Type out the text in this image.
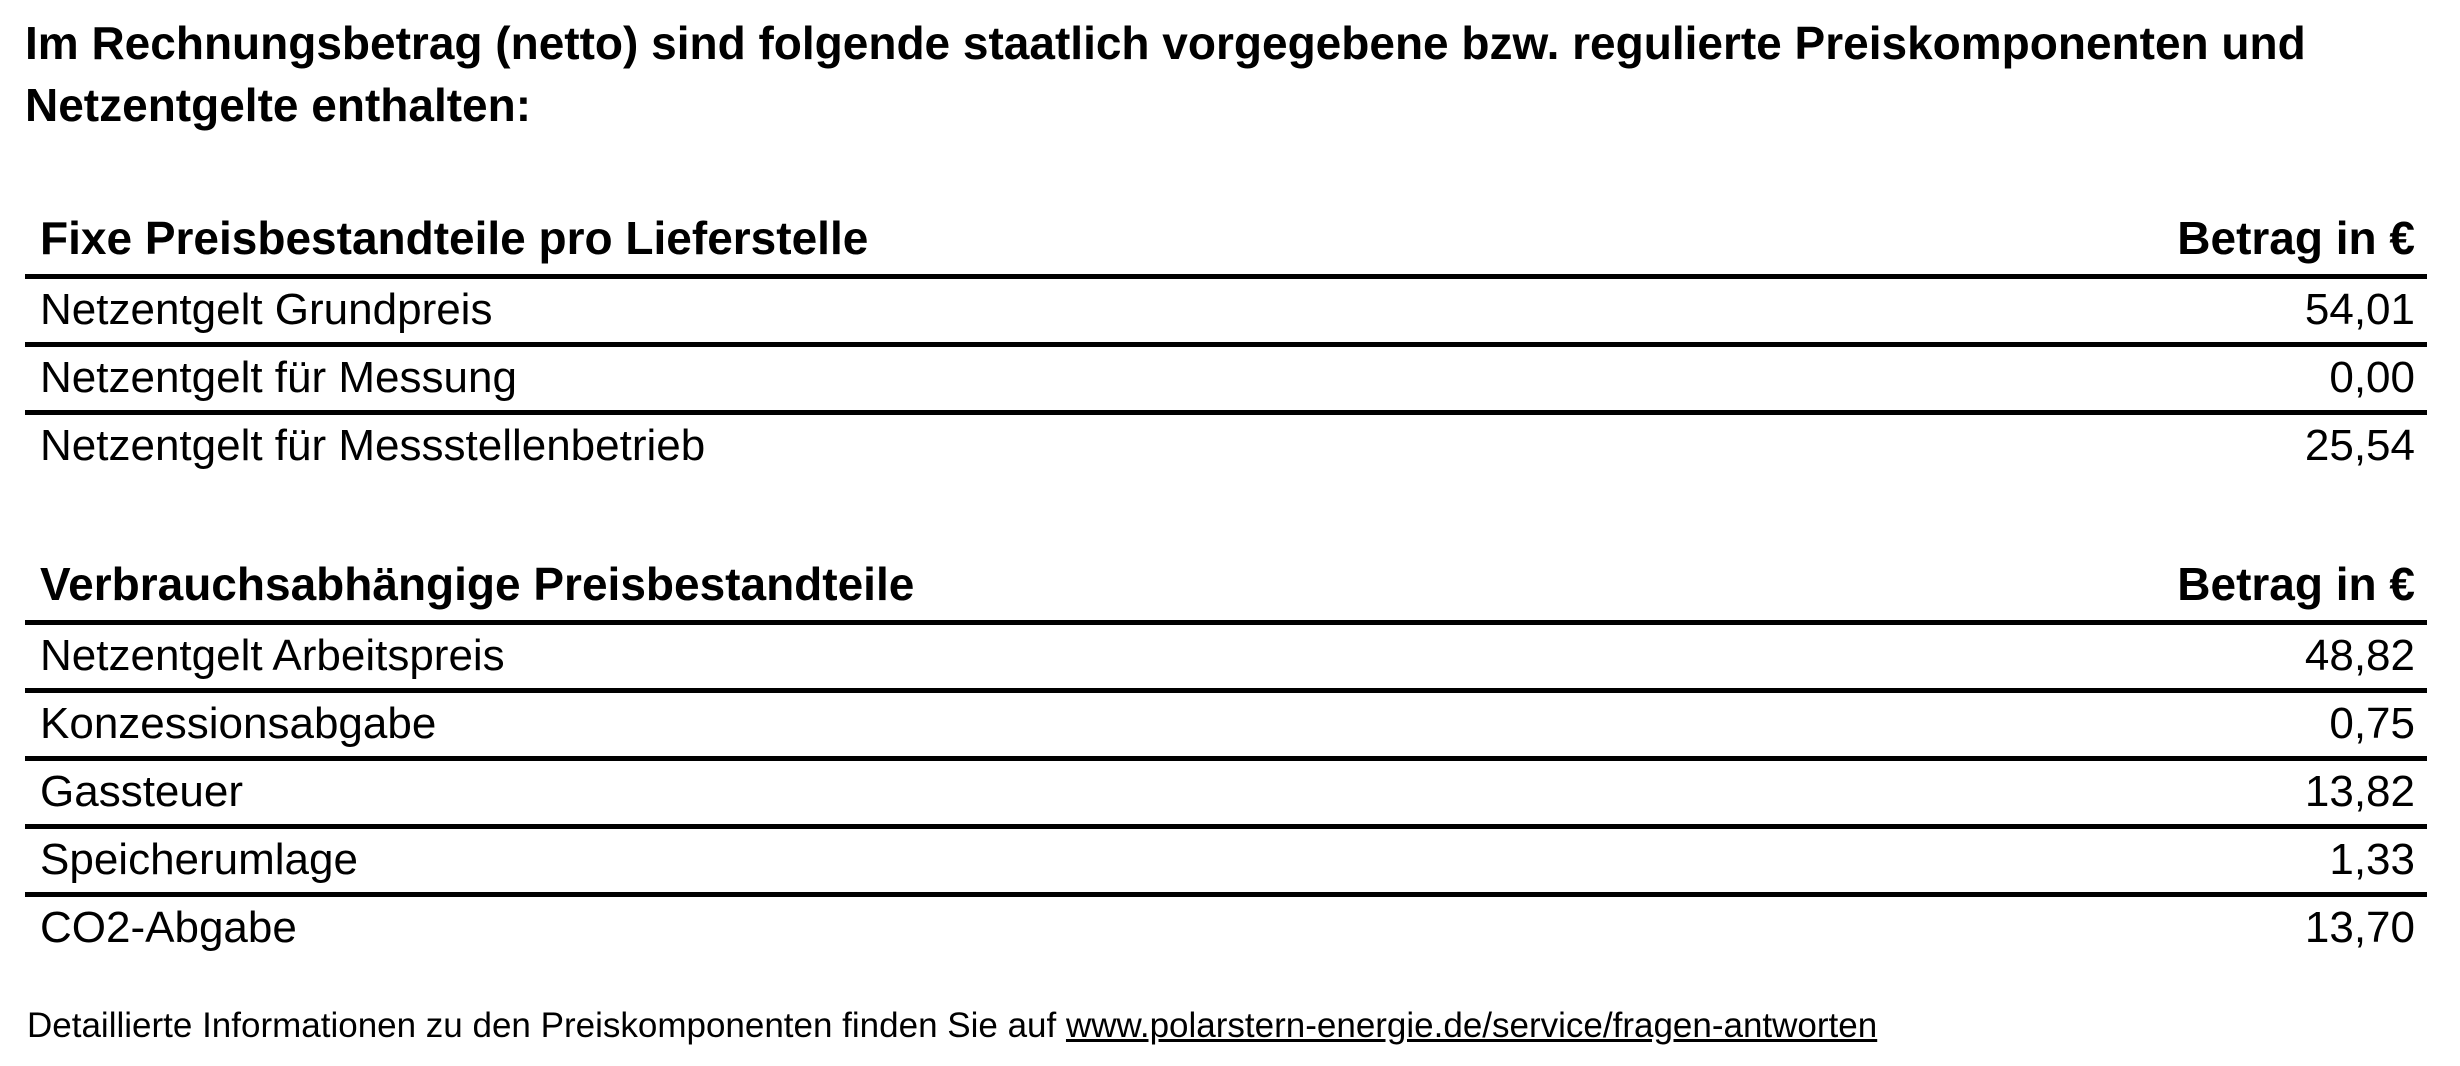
Im Rechnungsbetrag (netto) sind folgende staatlich vorgegebene bzw. regulierte Preiskomponenten und
Netzentgelte enthalten:
Fixe Preisbestandteile pro Lieferstelle	Betrag in €
Netzentgelt Grundpreis	54,01
Netzentgelt für Messung	0,00
Netzentgelt für Messstellenbetrieb	25,54
Verbrauchsabhängige Preisbestandteile	Betrag in €
Netzentgelt Arbeitspreis	48,82
Konzessionsabgabe	0,75
Gassteuer	13,82
Speicherumlage	1,33
CO2-Abgabe	13,70
Detaillierte Informationen zu den Preiskomponenten finden Sie auf www.polarstern-energie.de/service/fragen-antworten
